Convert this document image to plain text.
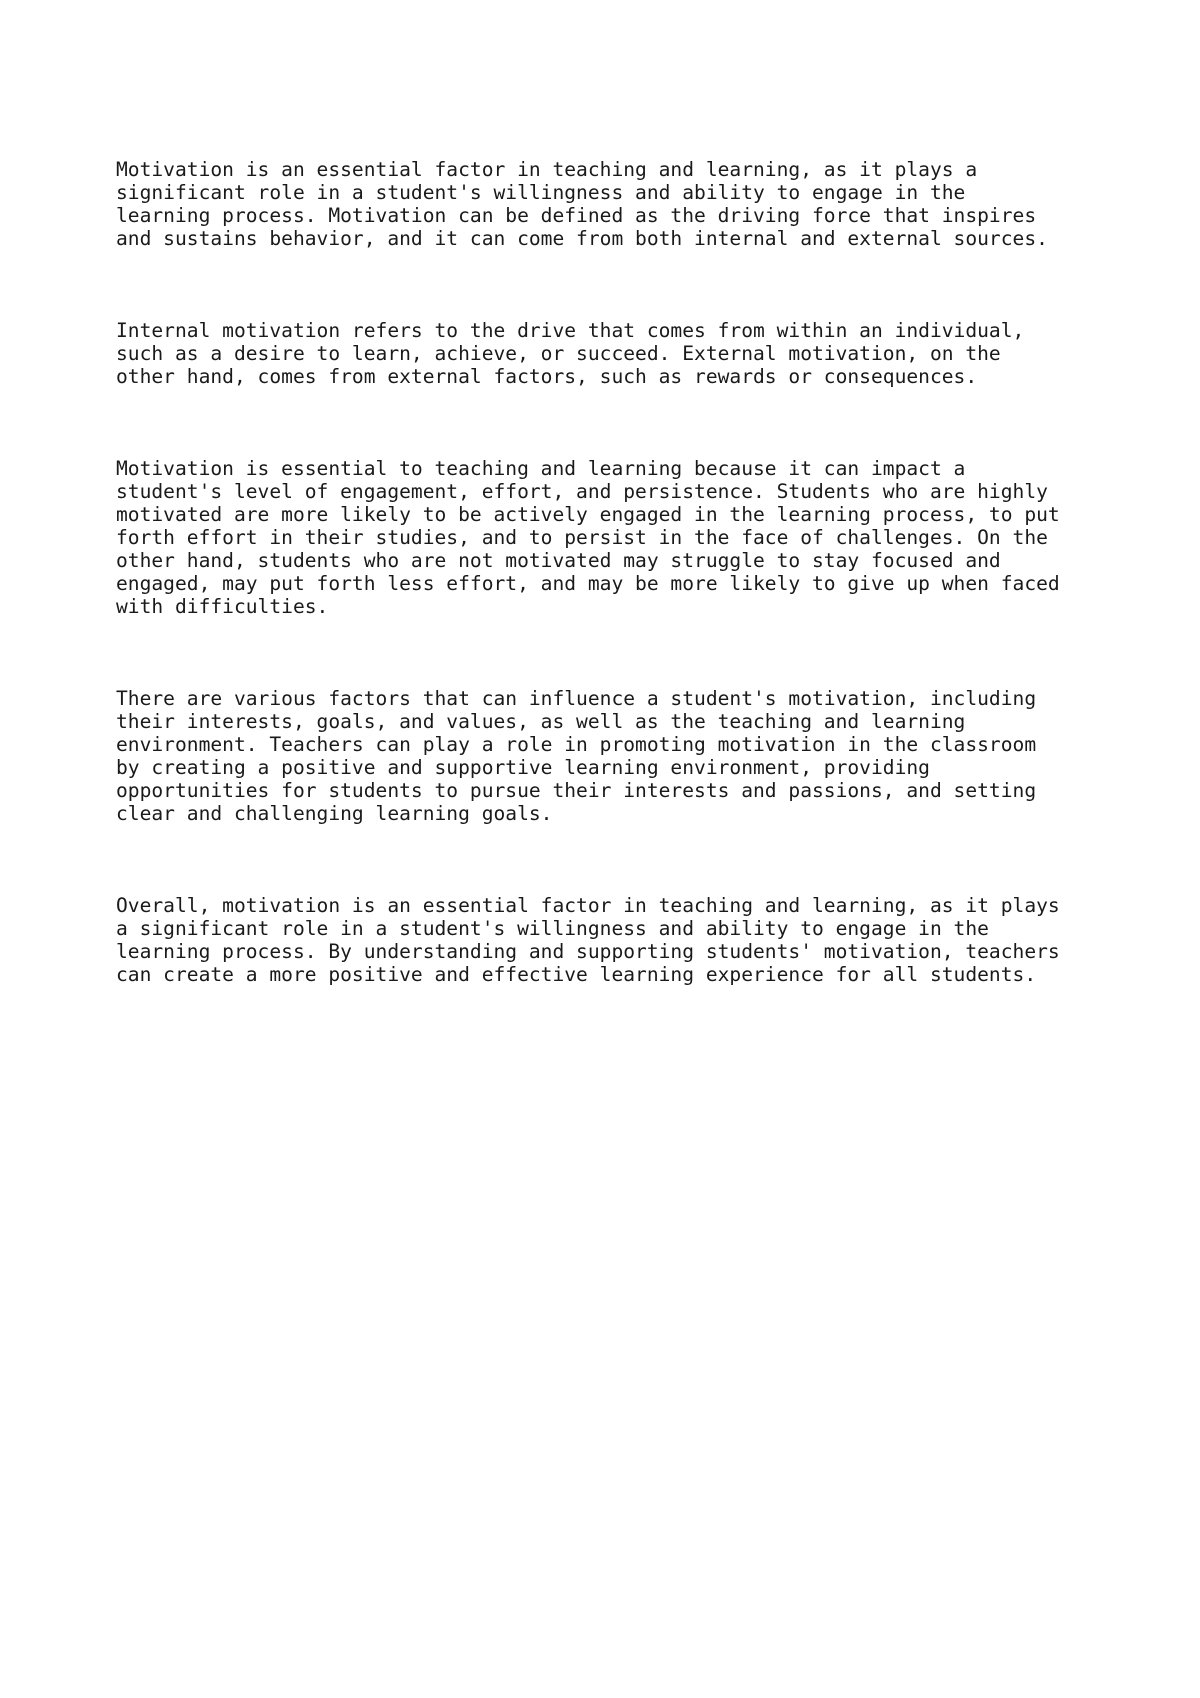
Motivation is an essential factor in teaching and learning, as it plays a
significant role in a student's willingness and ability to engage in the
learning process. Motivation can be defined as the driving force that inspires
and sustains behavior, and it can come from both internal and external sources.

Internal motivation refers to the drive that comes from within an individual,
such as a desire to learn, achieve, or succeed. External motivation, on the
other hand, comes from external factors, such as rewards or consequences.

Motivation is essential to teaching and learning because it can impact a
student's level of engagement, effort, and persistence. Students who are highly
motivated are more likely to be actively engaged in the learning process, to put
forth effort in their studies, and to persist in the face of challenges. On the
other hand, students who are not motivated may struggle to stay focused and
engaged, may put forth less effort, and may be more likely to give up when faced
with difficulties.

There are various factors that can influence a student's motivation, including
their interests, goals, and values, as well as the teaching and learning
environment. Teachers can play a role in promoting motivation in the classroom
by creating a positive and supportive learning environment, providing
opportunities for students to pursue their interests and passions, and setting
clear and challenging learning goals.

Overall, motivation is an essential factor in teaching and learning, as it plays
a significant role in a student's willingness and ability to engage in the
learning process. By understanding and supporting students' motivation, teachers
can create a more positive and effective learning experience for all students.
